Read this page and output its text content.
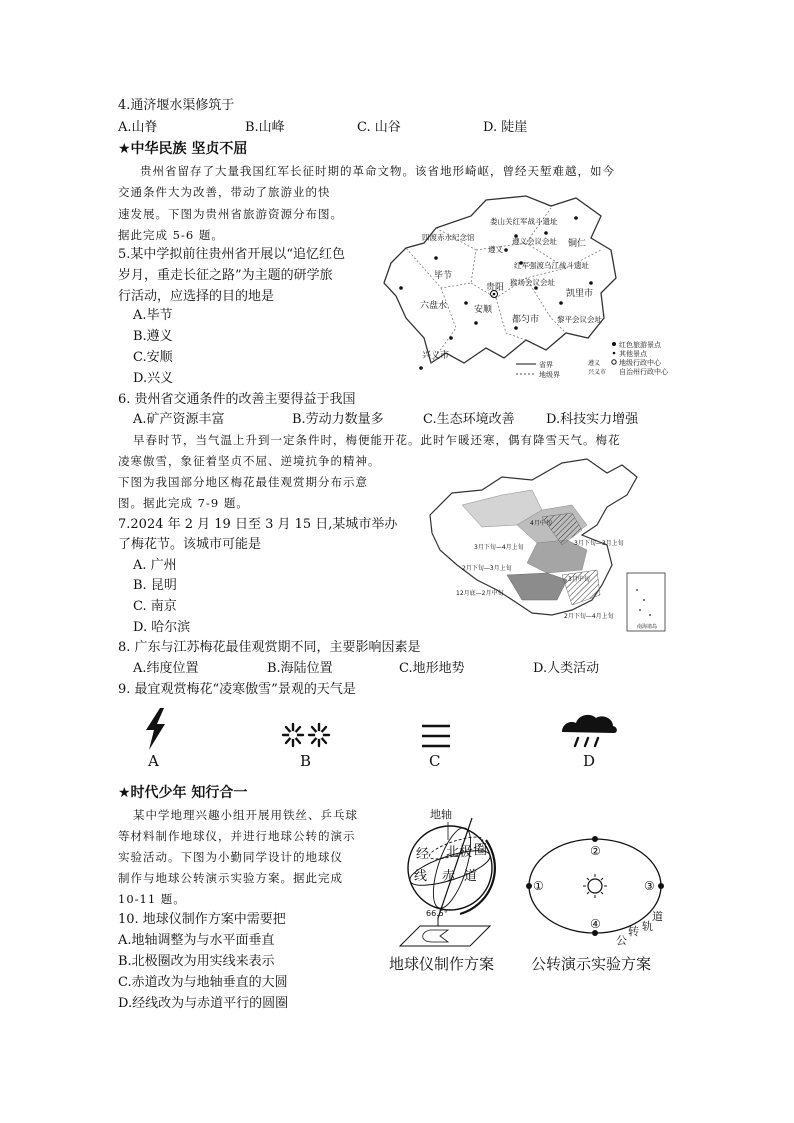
4.通济堰水渠修筑于
A.山脊	B.山峰	C. 山谷	D. 陡崖
★中华民族 坚贞不屈
贵州省留存了大量我国红军长征时期的革命文物。该省地形崎岖，曾经天堑难越，如今
交通条件大为改善，带动了旅游业的快
速发展。下图为贵州省旅游资源分布图。
据此完成 5-6 题。
5.某中学拟前往贵州省开展以“追忆红色
岁月，重走长征之路”为主题的研学旅
行活动，应选择的目的地是
A.毕节
B.遵义
C.安顺
D.兴义
娄山关红军战斗遗址
四渡赤水纪念馆	遵义会议会址
遵义
铜仁
红军强渡乌江战斗遗址
毕节
贵阳
猴场会议会址
凯里市
六盘水	安顺
都匀市 黎平会议会址
兴义市
红色旅游景点
其他景点
遵义	地级行政中心
兴义市 自治州行政中心
省界
地级界
6. 贵州省交通条件的改善主要得益于我国
A.矿产资源丰富	B.劳动力数量多	C.生态环境改善 D.科技实力增强
早春时节，当气温上升到一定条件时，梅便能开花。此时乍暖还寒，偶有降雪天气。梅花
凌寒傲雪，象征着坚贞不屈、逆境抗争的精神。
下图为我国部分地区梅花最佳观赏期分布示意
图。据此完成 7-9 题。
7.2024 年 2 月 19 日至 3 月 15 日,某城市举办
了梅花节。该城市可能是
A. 广州
B. 昆明
C. 南京
D. 哈尔滨	南海诸岛
4月中旬
3月下旬—4月上旬
3月下旬—3月上旬
2月下旬—3月上旬
3月中旬
12月底—2月中旬
2月下旬—4月上旬
8. 广东与江苏梅花最佳观赏期不同，主要影响因素是
A.纬度位置	B.海陆位置	C.地形地势	D.人类活动
9. 最宜观赏梅花“凌寒傲雪”景观的天气是
A	B	C	D
★时代少年 知行合一
某中学地理兴趣小组开展用铁丝、乒乓球
等材料制作地球仪，并进行地球公转的演示
实验活动。下图为小勤同学设计的地球仪
制作与地球公转演示实验方案。据此完成
10-11 题。
10. 地球仪制作方案中需要把
A.地轴调整为与水平面垂直
B.北极圈改为用实线来表示
C.赤道改为与地轴垂直的大圆
D.经线改为与赤道平行的圆圈
地轴
经 北极 圈
线 赤 道
66.5°
地球仪制作方案
①
②
③
④
公
转 轨
道
公转演示实验方案
